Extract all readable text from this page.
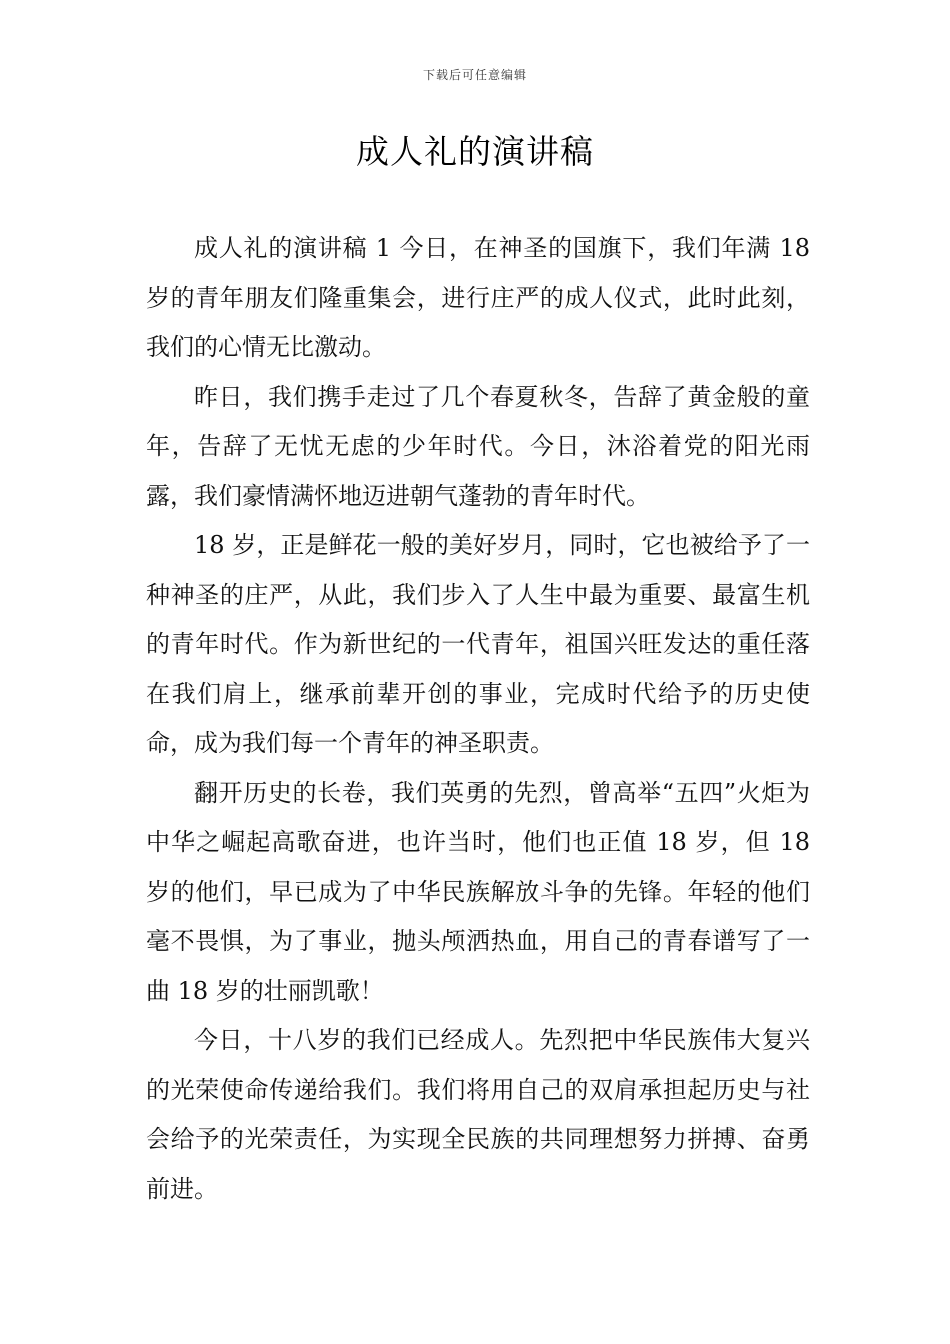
下载后可任意编辑
成人礼的演讲稿

成人礼的演讲稿 1 今日，在神圣的国旗下，我们年满 18 岁的青年朋友们隆重集会，进行庄严的成人仪式，此时此刻，我们的心情无比激动。

昨日，我们携手走过了几个春夏秋冬，告辞了黄金般的童年，告辞了无忧无虑的少年时代。今日，沐浴着党的阳光雨露，我们豪情满怀地迈进朝气蓬勃的青年时代。

18 岁，正是鲜花一般的美好岁月，同时，它也被给予了一种神圣的庄严，从此，我们步入了人生中最为重要、最富生机的青年时代。作为新世纪的一代青年，祖国兴旺发达的重任落在我们肩上，继承前辈开创的事业，完成时代给予的历史使命，成为我们每一个青年的神圣职责。

翻开历史的长卷，我们英勇的先烈，曾高举“五四”火炬为中华之崛起高歌奋进，也许当时，他们也正值 18 岁，但 18 岁的他们，早已成为了中华民族解放斗争的先锋。年轻的他们毫不畏惧，为了事业，抛头颅洒热血，用自己的青春谱写了一曲 18 岁的壮丽凯歌！

今日，十八岁的我们已经成人。先烈把中华民族伟大复兴的光荣使命传递给我们。我们将用自己的双肩承担起历史与社会给予的光荣责任，为实现全民族的共同理想努力拼搏、奋勇前进。
